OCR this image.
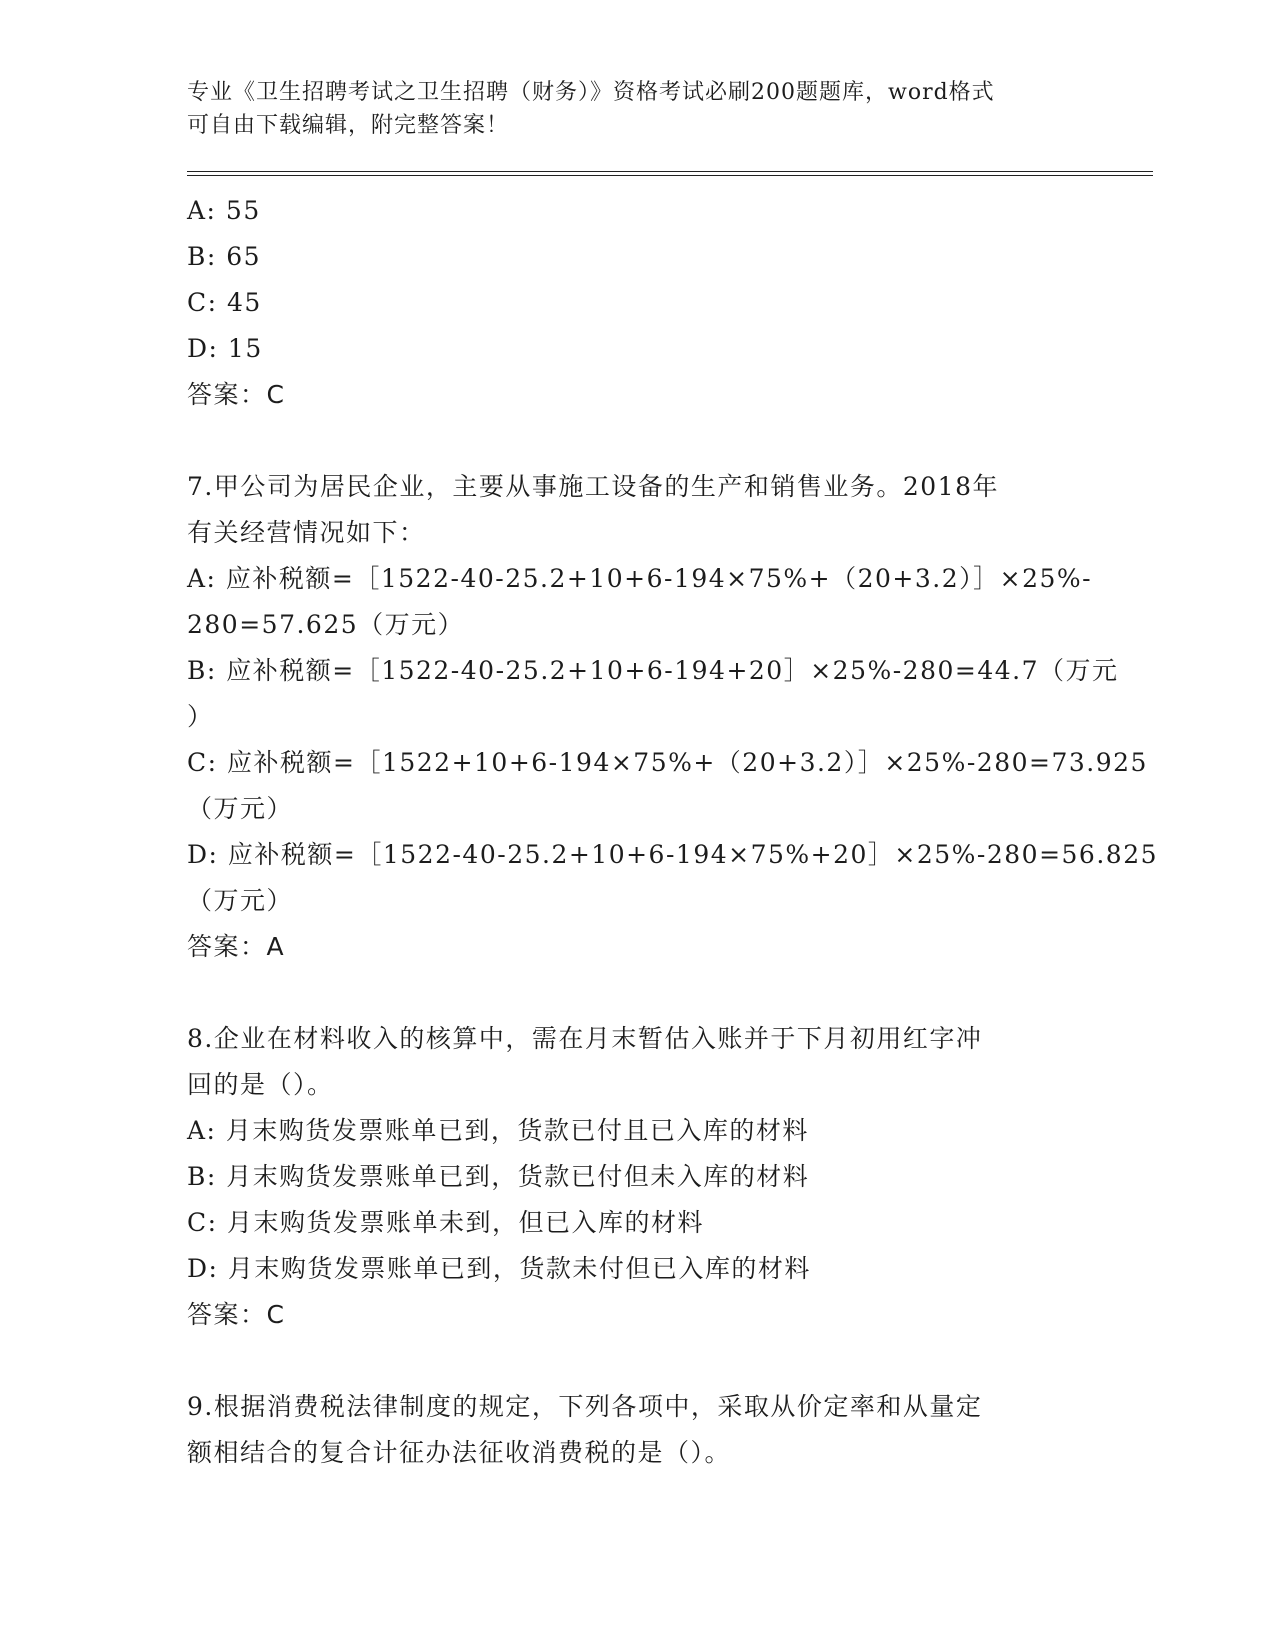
专业《卫生招聘考试之卫生招聘（财务）》资格考试必刷200题题库，word格式
可自由下载编辑，附完整答案！
A: 55
B: 65
C: 45
D: 15
答案：C
7.甲公司为居民企业，主要从事施工设备的生产和销售业务。2018年
有关经营情况如下：
A: 应补税额=［1522-40-25.2+10+6-194×75%+（20+3.2）］×25%-
280=57.625（万元）
B: 应补税额=［1522-40-25.2+10+6-194+20］×25%-280=44.7（万元
）
C: 应补税额=［1522+10+6-194×75%+（20+3.2）］×25%-280=73.925
（万元）
D: 应补税额=［1522-40-25.2+10+6-194×75%+20］×25%-280=56.825
（万元）
答案：A
8.企业在材料收入的核算中，需在月末暂估入账并于下月初用红字冲
回的是（）。
A: 月末购货发票账单已到，货款已付且已入库的材料
B: 月末购货发票账单已到，货款已付但未入库的材料
C: 月末购货发票账单未到，但已入库的材料
D: 月末购货发票账单已到，货款未付但已入库的材料
答案：C
9.根据消费税法律制度的规定，下列各项中，采取从价定率和从量定
额相结合的复合计征办法征收消费税的是（）。
